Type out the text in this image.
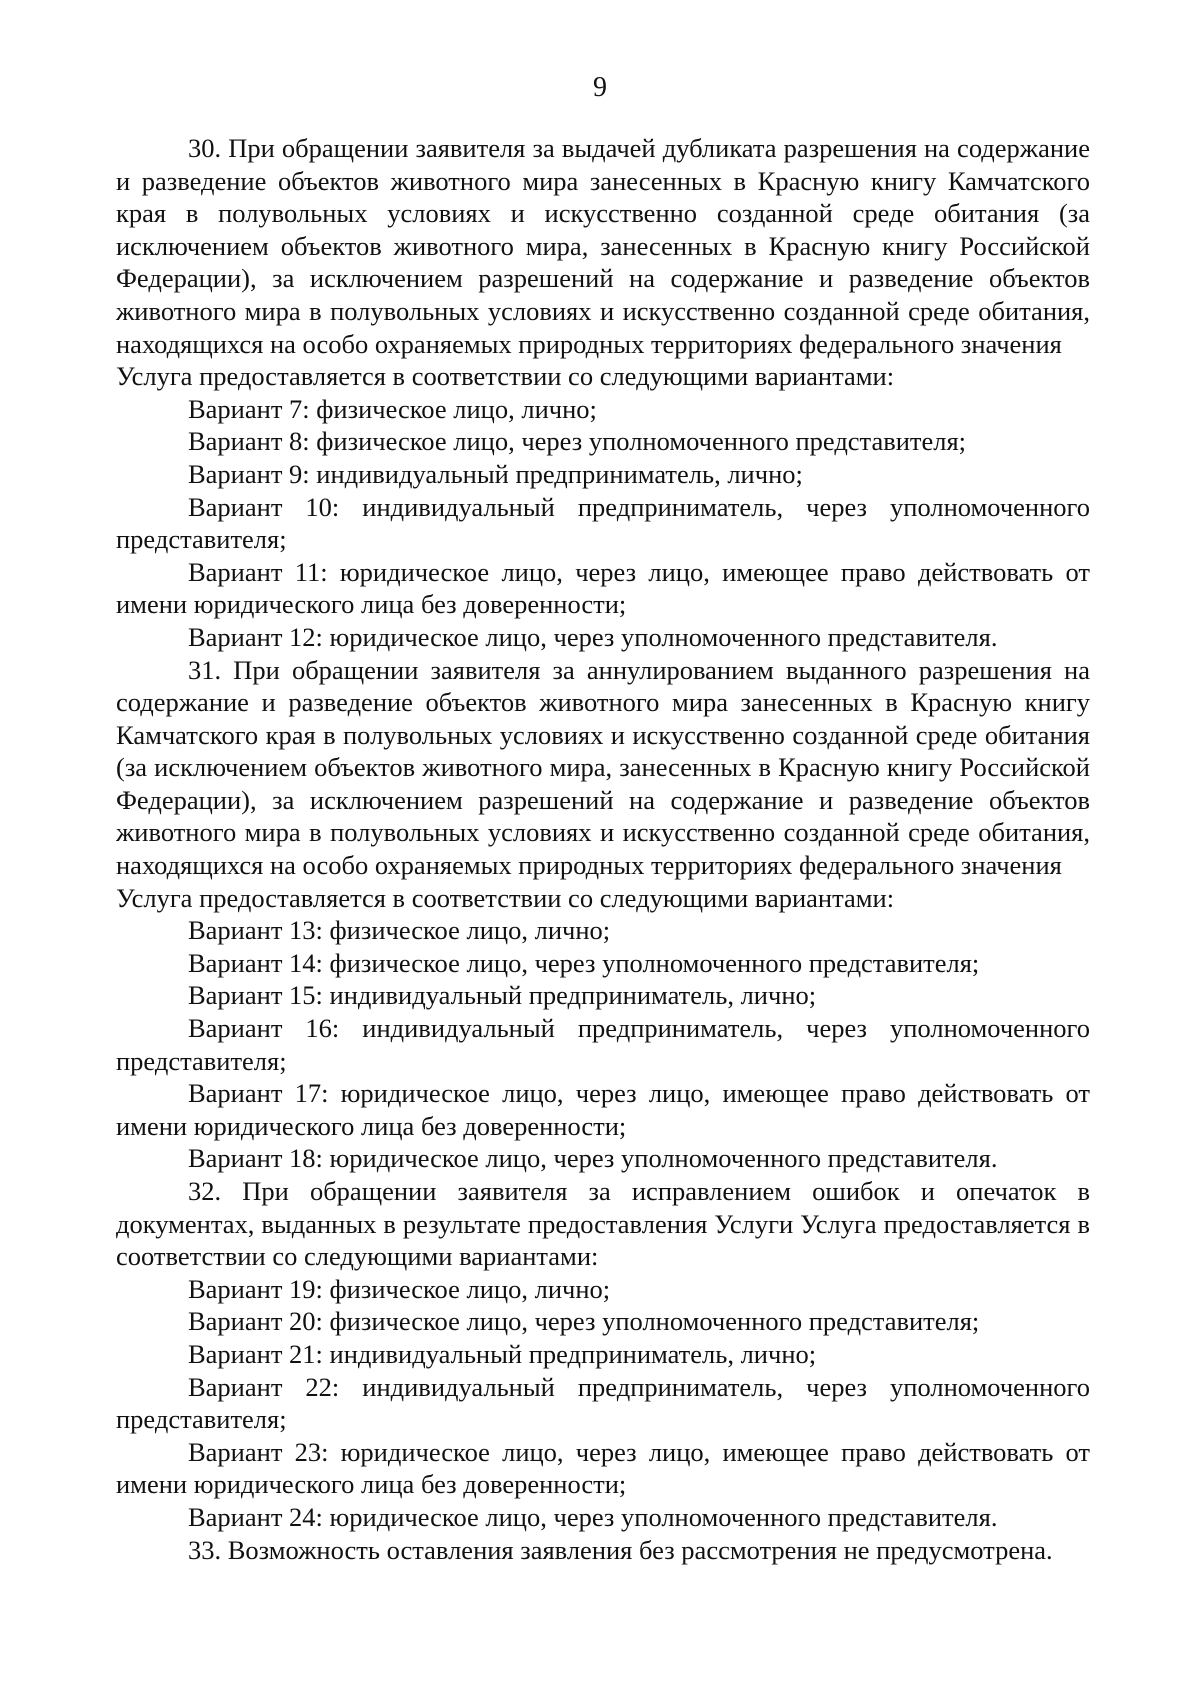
9

30. При обращении заявителя за выдачей дубликата разрешения на содержание и разведение объектов животного мира занесенных в Красную книгу Камчатского края в полувольных условиях и искусственно созданной среде обитания (за исключением объектов животного мира, занесенных в Красную книгу Российской Федерации), за исключением разрешений на содержание и разведение объектов животного мира в полувольных условиях и искусственно созданной среде обитания, находящихся на особо охраняемых природных территориях федерального значения

Услуга предоставляется в соответствии со следующими вариантами:

Вариант 7: физическое лицо, лично;

Вариант 8: физическое лицо, через уполномоченного представителя;

Вариант 9: индивидуальный предприниматель, лично;

Вариант 10: индивидуальный предприниматель, через уполномоченного представителя;

Вариант 11: юридическое лицо, через лицо, имеющее право действовать от имени юридического лица без доверенности;

Вариант 12: юридическое лицо, через уполномоченного представителя.

31. При обращении заявителя за аннулированием выданного разрешения на содержание и разведение объектов животного мира занесенных в Красную книгу Камчатского края в полувольных условиях и искусственно созданной среде обитания (за исключением объектов животного мира, занесенных в Красную книгу Российской Федерации), за исключением разрешений на содержание и разведение объектов животного мира в полувольных условиях и искусственно созданной среде обитания, находящихся на особо охраняемых природных территориях федерального значения

Услуга предоставляется в соответствии со следующими вариантами:

Вариант 13: физическое лицо, лично;

Вариант 14: физическое лицо, через уполномоченного представителя;

Вариант 15: индивидуальный предприниматель, лично;

Вариант 16: индивидуальный предприниматель, через уполномоченного представителя;

Вариант 17: юридическое лицо, через лицо, имеющее право действовать от имени юридического лица без доверенности;

Вариант 18: юридическое лицо, через уполномоченного представителя.

32. При обращении заявителя за исправлением ошибок и опечаток в документах, выданных в результате предоставления Услуги Услуга предоставляется в соответствии со следующими вариантами:

Вариант 19: физическое лицо, лично;

Вариант 20: физическое лицо, через уполномоченного представителя;

Вариант 21: индивидуальный предприниматель, лично;

Вариант 22: индивидуальный предприниматель, через уполномоченного представителя;

Вариант 23: юридическое лицо, через лицо, имеющее право действовать от имени юридического лица без доверенности;

Вариант 24: юридическое лицо, через уполномоченного представителя.

33. Возможность оставления заявления без рассмотрения не предусмотрена.
